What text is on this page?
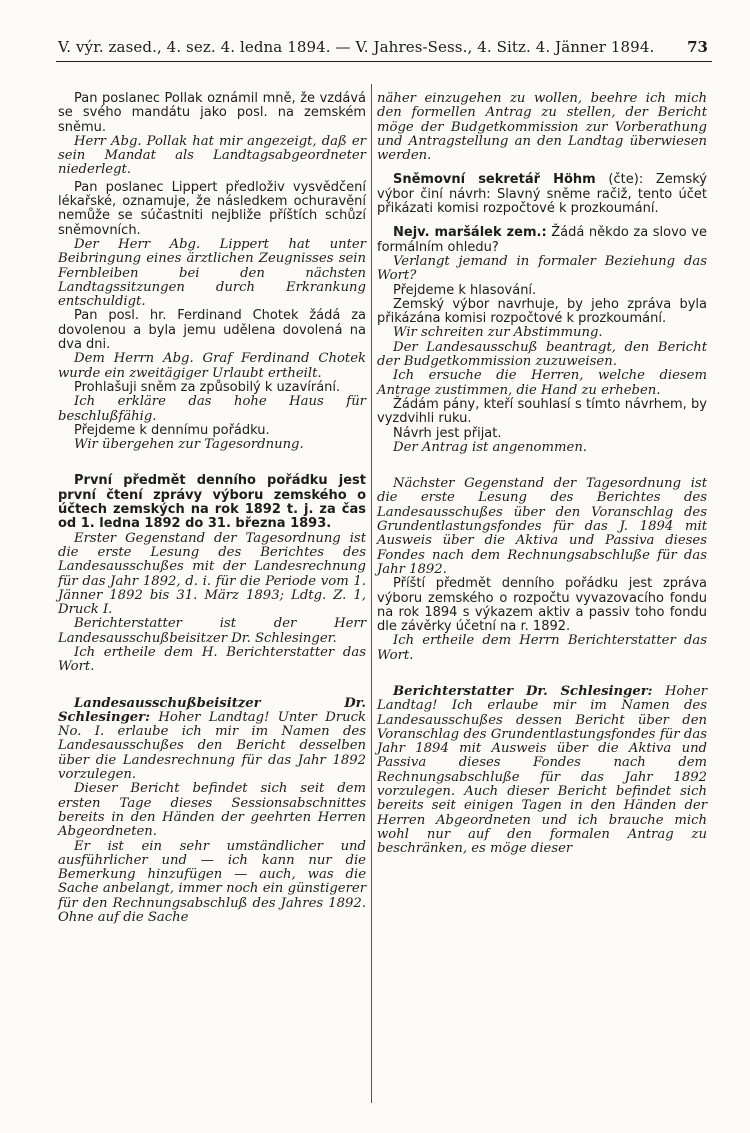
V. výr. zased., 4. sez. 4. ledna 1894. — V. Jahres-Sess., 4. Sitz. 4. Jänner 1894. 73

Pan poslanec Pollak oznámil mně, že vzdává se svého mandátu jako posl. na zemském sněmu.

Herr Abg. Pollak hat mir angezeigt, daß er sein Mandat als Landtagsabgeordneter niederlegt.

Pan poslanec Lippert předloživ vysvědčení lékařské, oznamuje, že následkem ochuravění nemůže se súčastniti nejbliže příštích schůzí sněmovních.

Der Herr Abg. Lippert hat unter Beibringung eines ärztlichen Zeugnisses sein Fernbleiben bei den nächsten Landtagssitzungen durch Erkrankung entschuldigt.

Pan posl. hr. Ferdinand Chotek žádá za dovolenou a byla jemu udělena dovolená na dva dni.

Dem Herrn Abg. Graf Ferdinand Chotek wurde ein zweitägiger Urlaubt ertheilt.

Prohlašuji sněm za způsobilý k uzavírání.

Ich erkläre das hohe Haus für beschlußfähig.

Přejdeme k dennímu pořádku.

Wir übergehen zur Tagesordnung.

První předmět denního pořádku jest první čtení zprávy výboru zemského o účtech zemských na rok 1892 t. j. za čas od 1. ledna 1892 do 31. března 1893.

Erster Gegenstand der Tagesordnung ist die erste Lesung des Berichtes des Landesausschußes mit der Landesrechnung für das Jahr 1892, d. i. für die Periode vom 1. Jänner 1892 bis 31. März 1893; Ldtg. Z. 1, Druck I.

Berichterstatter ist der Herr Landesausschußbeisitzer Dr. Schlesinger.

Ich ertheile dem H. Berichterstatter das Wort.

Landesausschußbeisitzer Dr. Schlesinger: Hoher Landtag! Unter Druck No. I. erlaube ich mir im Namen des Landesausschußes den Bericht desselben über die Landesrechnung für das Jahr 1892 vorzulegen.

Dieser Bericht befindet sich seit dem ersten Tage dieses Sessionsabschnittes bereits in den Händen der geehrten Herren Abgeordneten.

Er ist ein sehr umständlicher und ausführlicher und — ich kann nur die Bemerkung hinzufügen — auch, was die Sache anbelangt, immer noch ein günstigerer für den Rechnungsabschluß des Jahres 1892. Ohne auf die Sache

näher einzugehen zu wollen, beehre ich mich den formellen Antrag zu stellen, der Bericht möge der Budgetkommission zur Vorberathung und Antragstellung an den Landtag überwiesen werden.

Sněmovní sekretář Höhm (čte): Zemský výbor činí návrh: Slavný sněme račiž, tento účet přikázati komisi rozpočtové k prozkoumání.

Nejv. maršálek zem.: Žádá někdo za slovo ve formálním ohledu?

Verlangt jemand in formaler Beziehung das Wort?

Přejdeme k hlasování.

Zemský výbor navrhuje, by jeho zpráva byla přikázána komisi rozpočtové k prozkoumání.

Wir schreiten zur Abstimmung.

Der Landesausschuß beantragt, den Bericht der Budgetkommission zuzuweisen.

Ich ersuche die Herren, welche diesem Antrage zustimmen, die Hand zu erheben.

Žádám pány, kteří souhlasí s tímto návrhem, by vyzdvihli ruku.

Návrh jest přijat.

Der Antrag ist angenommen.

Nächster Gegenstand der Tagesordnung ist die erste Lesung des Berichtes des Landesausschußes über den Voranschlag des Grundentlastungsfondes für das J. 1894 mit Ausweis über die Aktiva und Passiva dieses Fondes nach dem Rechnungsabschluße für das Jahr 1892.

Příští předmět denního pořádku jest zpráva výboru zemského o rozpočtu vyvazovacího fondu na rok 1894 s výkazem aktiv a passiv toho fondu dle závěrky účetní na r. 1892.

Ich ertheile dem Herrn Berichterstatter das Wort.

Berichterstatter Dr. Schlesinger: Hoher Landtag! Ich erlaube mir im Namen des Landesausschußes dessen Bericht über den Voranschlag des Grundentlastungsfondes für das Jahr 1894 mit Ausweis über die Aktiva und Passiva dieses Fondes nach dem Rechnungsabschluße für das Jahr 1892 vorzulegen. Auch dieser Bericht befindet sich bereits seit einigen Tagen in den Händen der Herren Abgeordneten und ich brauche mich wohl nur auf den formalen Antrag zu beschränken, es möge dieser
